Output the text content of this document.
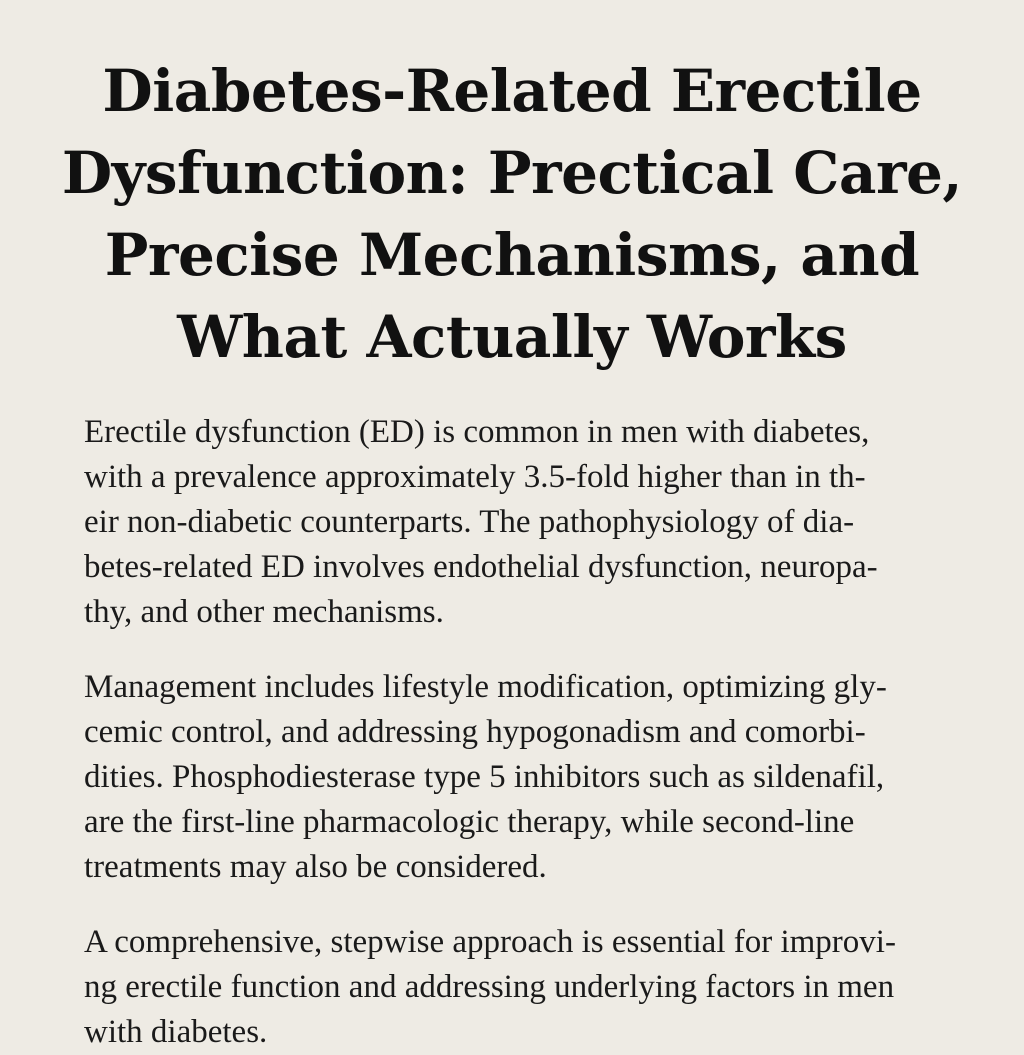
Diabetes-Related Erectile
Dysfunction: Prectical Care,
Precise Mechanisms, and
What Actually Works

Erectile dysfunction (ED) is common in men with diabetes,
with a prevalence approximately 3.5-fold higher than in th-
eir non-diabetic counterparts. The pathophysiology of dia-
betes-related ED involves endothelial dysfunction, neuropa-
thy, and other mechanisms.

Management includes lifestyle modification, optimizing gly-
cemic control, and addressing hypogonadism and comorbi-
dities. Phosphodiesterase type 5 inhibitors such as sildenafil,
are the first-line pharmacologic therapy, while second-line
treatments may also be considered.

A comprehensive, stepwise approach is essential for improvi-
ng erectile function and addressing underlying factors in men
with diabetes.
